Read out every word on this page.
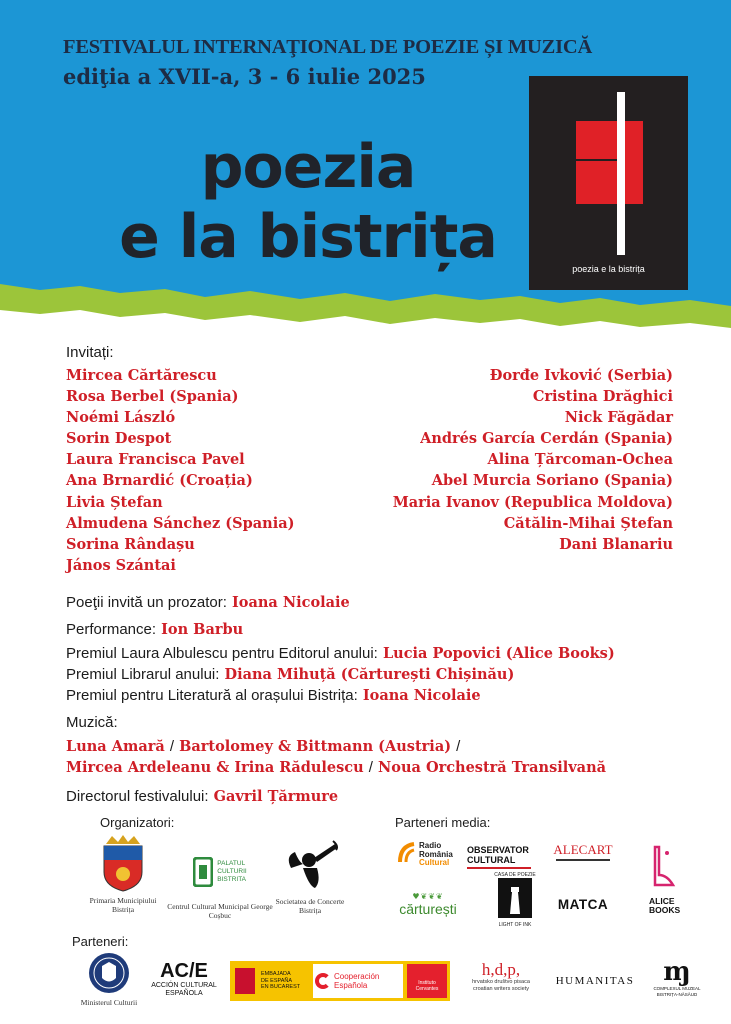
FESTIVALUL INTERNAŢIONAL DE POEZIE ȘI MUZICĂ
ediţia a XVII-a, 3 - 6 iulie 2025
poezia
e la bistrița	poezia e la bistrița
Invitați:
Mircea Cărtărescu
Rosa Berbel (Spania)
Noémi László
Sorin Despot
Laura Francisca Pavel
Ana Brnardić (Croația)
Livia Ștefan
Almudena Sánchez (Spania)
Sorina Rândașu
János Szántai
Đorđe Ivković (Serbia)
Cristina Drăghici
Nick Făgădar
Andrés García Cerdán (Spania)
Alina Țărcoman-Ochea
Abel Murcia Soriano (Spania)
Maria Ivanov (Republica Moldova)
Cătălin-Mihai Ștefan
Dani Blanariu
Poeţii invită un prozator: Ioana Nicolaie
Performance: Ion Barbu
Premiul Laura Albulescu pentru Editorul anului: Lucia Popovici (Alice Books)
Premiul Librarul anului: Diana Mihuță (Cărturești Chișinău)
Premiul pentru Literatură al orașului Bistrița: Ioana Nicolaie
Muzică:
Luna Amară / Bartolomey & Bittmann (Austria) /
Mircea Ardeleanu & Irina Rădulescu / Noua Orchestră Transilvană
Directorul festivalului: Gavril Țărmure
Organizatori:
Primaria Municipiului Bistrița
PALATUL
CULTURII
BISTRITA
Centrul Cultural Municipal George Coșbuc
Societatea de Concerte Bistrița
Parteneri media:
Radio
România
Cultural
OBSERVATOR
CULTURAL
ALECART
♥❦❦❦
cărturești
CASA DE POEZIE
LIGHT OF INK
MATCA	ALICE
BOOKS
Parteneri:
Ministerul Culturii
AC/E
ACCIÓN CULTURAL
ESPAÑOLA
EMBAJADA
DE ESPAÑA
EN BUCAREST
Cooperación
Española	Instituto
Cervantes
h,d,p,
hrvatsko društvo pisaca
croatian writers society
HUMANITAS	ɱ
COMPLEXUL MUZEAL
BISTRIȚA-NĂSĂUD
